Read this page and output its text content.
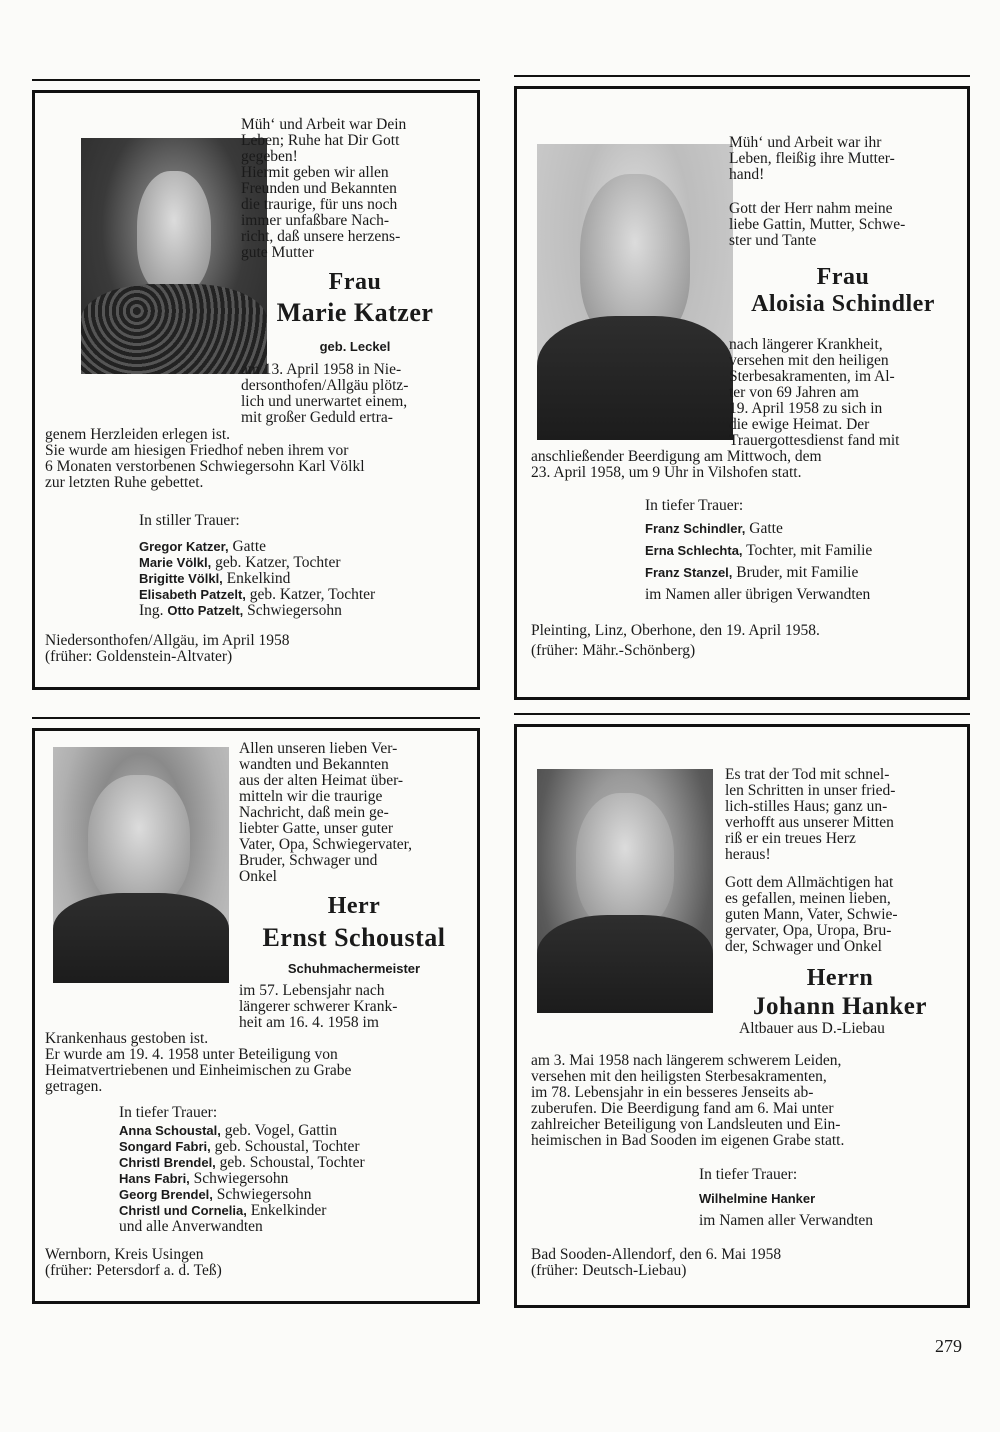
Müh‘ und Arbeit war Dein
Leben; Ruhe hat Dir Gott
gegeben!
Hiermit geben wir allen
Freunden und Bekannten
die traurige, für uns noch
immer unfaßbare Nach-
richt, daß unsere herzens-
gute Mutter
Frau
Marie Katzer
geb. Leckel
am 13. April 1958 in Nie-
dersonthofen/Allgäu plötz-
lich und unerwartet einem,
mit großer Geduld ertra-
genem Herzleiden erlegen ist.
Sie wurde am hiesigen Friedhof neben ihrem vor
6 Monaten verstorbenen Schwiegersohn Karl Völkl
zur letzten Ruhe gebettet.
In stiller Trauer:
Gregor Katzer, Gatte
Marie Völkl, geb. Katzer, Tochter
Brigitte Völkl, Enkelkind
Elisabeth Patzelt, geb. Katzer, Tochter
Ing. Otto Patzelt, Schwiegersohn
Niedersonthofen/Allgäu, im April 1958
(früher: Goldenstein-Altvater)
Müh‘ und Arbeit war ihr
Leben, fleißig ihre Mutter-
hand!
Gott der Herr nahm meine
liebe Gattin, Mutter, Schwe-
ster und Tante
Frau
Aloisia Schindler
nach längerer Krankheit,
versehen mit den heiligen
Sterbesakramenten, im Al-
ter von 69 Jahren am
19. April 1958 zu sich in
die ewige Heimat. Der
Trauergottesdienst fand mit
anschließender Beerdigung am Mittwoch, dem
23. April 1958, um 9 Uhr in Vilshofen statt.
In tiefer Trauer:
Franz Schindler, Gatte
Erna Schlechta, Tochter, mit Familie
Franz Stanzel, Bruder, mit Familie
im Namen aller übrigen Verwandten
Pleinting, Linz, Oberhone, den 19. April 1958.
(früher: Mähr.-Schönberg)
Allen unseren lieben Ver-
wandten und Bekannten
aus der alten Heimat über-
mitteln wir die traurige
Nachricht, daß mein ge-
liebter Gatte, unser guter
Vater, Opa, Schwiegervater,
Bruder, Schwager und
Onkel
Herr
Ernst Schoustal
Schuhmachermeister
im 57. Lebensjahr nach
längerer schwerer Krank-
heit am 16. 4. 1958 im
Krankenhaus gestoben ist.
Er wurde am 19. 4. 1958 unter Beteiligung von
Heimatvertriebenen und Einheimischen zu Grabe
getragen.
In tiefer Trauer:
Anna Schoustal, geb. Vogel, Gattin
Songard Fabri, geb. Schoustal, Tochter
Christl Brendel, geb. Schoustal, Tochter
Hans Fabri, Schwiegersohn
Georg Brendel, Schwiegersohn
Christl und Cornelia, Enkelkinder
und alle Anverwandten
Wernborn, Kreis Usingen
(früher: Petersdorf a. d. Teß)
Es trat der Tod mit schnel-
len Schritten in unser fried-
lich-stilles Haus; ganz un-
verhofft aus unserer Mitten
riß er ein treues Herz
heraus!
Gott dem Allmächtigen hat
es gefallen, meinen lieben,
guten Mann, Vater, Schwie-
gervater, Opa, Uropa, Bru-
der, Schwager und Onkel
Herrn
Johann Hanker
Altbauer aus D.-Liebau
am 3. Mai 1958 nach längerem schwerem Leiden,
versehen mit den heiligsten Sterbesakramenten,
im 78. Lebensjahr in ein besseres Jenseits ab-
zuberufen. Die Beerdigung fand am 6. Mai unter
zahlreicher Beteiligung von Landsleuten und Ein-
heimischen in Bad Sooden im eigenen Grabe statt.
In tiefer Trauer:
Wilhelmine Hanker
im Namen aller Verwandten
Bad Sooden-Allendorf, den 6. Mai 1958
(früher: Deutsch-Liebau)
279
